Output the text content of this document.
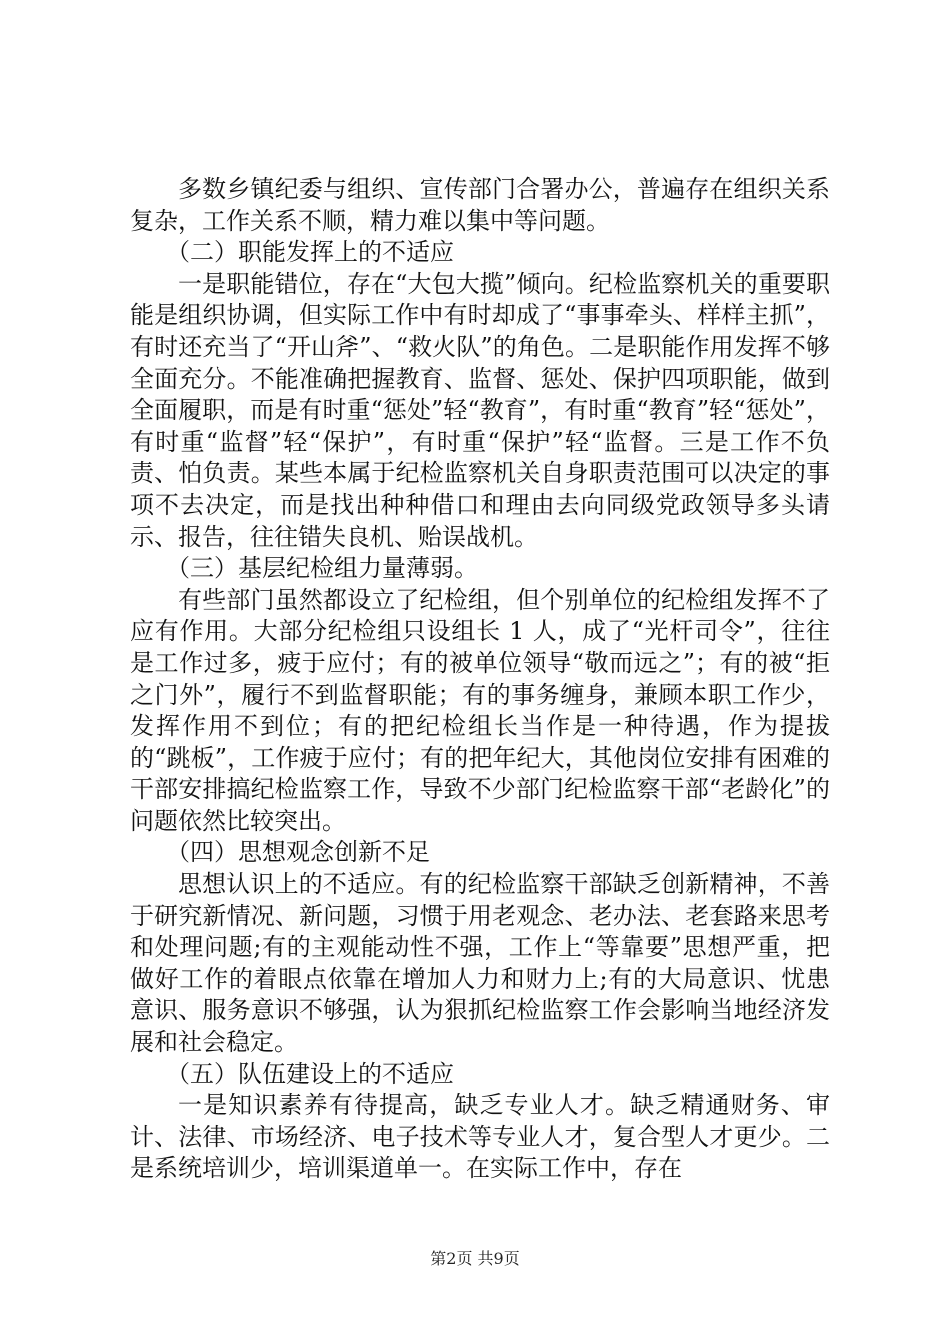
多数乡镇纪委与组织、宣传部门合署办公，普遍存在组织关系复杂，工作关系不顺，精力难以集中等问题。

（二）职能发挥上的不适应

一是职能错位，存在“大包大揽”倾向。纪检监察机关的重要职能是组织协调，但实际工作中有时却成了“事事牵头、样样主抓”，有时还充当了“开山斧”、“救火队”的角色。二是职能作用发挥不够全面充分。不能准确把握教育、监督、惩处、保护四项职能，做到全面履职，而是有时重“惩处”轻“教育”，有时重“教育”轻“惩处”，有时重“监督”轻“保护”，有时重“保护”轻“监督。三是工作不负责、怕负责。某些本属于纪检监察机关自身职责范围可以决定的事项不去决定，而是找出种种借口和理由去向同级党政领导多头请示、报告，往往错失良机、贻误战机。

（三）基层纪检组力量薄弱。

有些部门虽然都设立了纪检组，但个别单位的纪检组发挥不了应有作用。大部分纪检组只设组长 1 人，成了“光杆司令”，往往是工作过多，疲于应付；有的被单位领导“敬而远之”；有的被“拒之门外”，履行不到监督职能；有的事务缠身，兼顾本职工作少，发挥作用不到位；有的把纪检组长当作是一种待遇，作为提拔的“跳板”，工作疲于应付；有的把年纪大，其他岗位安排有困难的干部安排搞纪检监察工作，导致不少部门纪检监察干部“老龄化”的问题依然比较突出。

（四）思想观念创新不足

思想认识上的不适应。有的纪检监察干部缺乏创新精神，不善于研究新情况、新问题，习惯于用老观念、老办法、老套路来思考和处理问题;有的主观能动性不强，工作上“等靠要”思想严重，把做好工作的着眼点依靠在增加人力和财力上;有的大局意识、忧患意识、服务意识不够强，认为狠抓纪检监察工作会影响当地经济发展和社会稳定。

（五）队伍建设上的不适应

一是知识素养有待提高，缺乏专业人才。缺乏精通财务、审计、法律、市场经济、电子技术等专业人才，复合型人才更少。二是系统培训少，培训渠道单一。在实际工作中，存在

第2页 共9页
